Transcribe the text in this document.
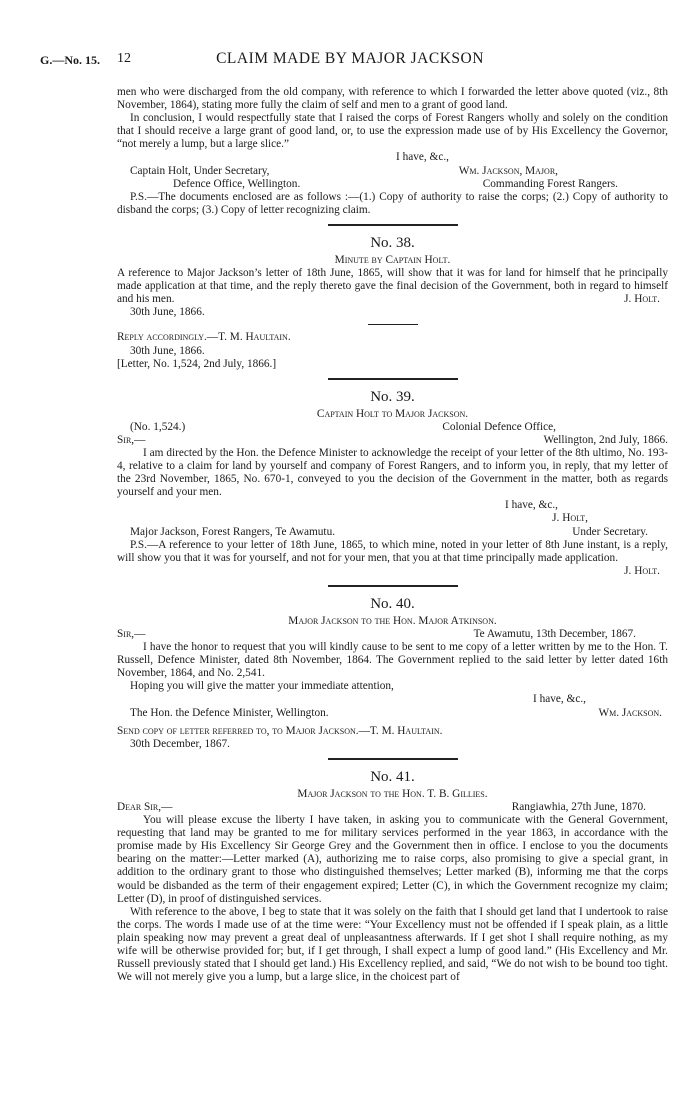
G.—No. 15. 12	CLAIM MADE BY MAJOR JACKSON

men who were discharged from the old company, with reference to which I forwarded the letter above quoted (viz., 8th November, 1864), stating more fully the claim of self and men to a grant of good land.

In conclusion, I would respectfully state that I raised the corps of Forest Rangers wholly and solely on the condition that I should receive a large grant of good land, or, to use the expression made use of by His Excellency the Governor, “not merely a lump, but a large slice.”

I have, &c.,
Captain Holt, Under Secretary,	Wm. Jackson, Major,
Defence Office, Wellington.	Commanding Forest Rangers.

P.S.—The documents enclosed are as follows :—(1.) Copy of authority to raise the corps; (2.) Copy of authority to disband the corps; (3.) Copy of letter recognizing claim.

No. 38.
Minute by Captain Holt.

A reference to Major Jackson’s letter of 18th June, 1865, will show that it was for land for himself that he principally made application at that time, and the reply thereto gave the final decision of the Government, both in regard to himself and his men.	J. Holt.

30th June, 1866.
Reply accordingly.—T. M. Haultain.
30th June, 1866.
[Letter, No. 1,524, 2nd July, 1866.]
No. 39.
Captain Holt to Major Jackson.
(No. 1,524.)	Colonial Defence Office,
Sir,—	Wellington, 2nd July, 1866.

I am directed by the Hon. the Defence Minister to acknowledge the receipt of your letter of the 8th ultimo, No. 193-4, relative to a claim for land by yourself and company of Forest Rangers, and to inform you, in reply, that my letter of the 23rd November, 1865, No. 670-1, conveyed to you the decision of the Government in the matter, both as regards yourself and your men.

I have, &c.,
J. Holt,
Major Jackson, Forest Rangers, Te Awamutu.	Under Secretary.

P.S.—A reference to your letter of 18th June, 1865, to which mine, noted in your letter of 8th June instant, is a reply, will show you that it was for yourself, and not for your men, that you at that time principally made application.

J. Holt.
No. 40.
Major Jackson to the Hon. Major Atkinson.
Sir,—	Te Awamutu, 13th December, 1867.

I have the honor to request that you will kindly cause to be sent to me copy of a letter written by me to the Hon. T. Russell, Defence Minister, dated 8th November, 1864. The Government replied to the said letter by letter dated 16th November, 1864, and No. 2,541.

Hoping you will give the matter your immediate attention,

I have, &c.,
The Hon. the Defence Minister, Wellington.	Wm. Jackson.
Send copy of letter referred to, to Major Jackson.—T. M. Haultain.
30th December, 1867.
No. 41.
Major Jackson to the Hon. T. B. Gillies.
Dear Sir,—	Rangiawhia, 27th June, 1870.

You will please excuse the liberty I have taken, in asking you to communicate with the General Government, requesting that land may be granted to me for military services performed in the year 1863, in accordance with the promise made by His Excellency Sir George Grey and the Government then in office. I enclose to you the documents bearing on the matter:—Letter marked (A), authorizing me to raise corps, also promising to give a special grant, in addition to the ordinary grant to those who distinguished themselves; Letter marked (B), informing me that the corps would be disbanded as the term of their engagement expired; Letter (C), in which the Government recognize my claim; Letter (D), in proof of distinguished services.

With reference to the above, I beg to state that it was solely on the faith that I should get land that I undertook to raise the corps. The words I made use of at the time were: “Your Excellency must not be offended if I speak plain, as a little plain speaking now may prevent a great deal of unpleasantness afterwards. If I get shot I shall require nothing, as my wife will be otherwise provided for; but, if I get through, I shall expect a lump of good land.” (His Excellency and Mr. Russell previously stated that I should get land.) His Excellency replied, and said, “We do not wish to be bound too tight. We will not merely give you a lump, but a large slice, in the choicest part of
